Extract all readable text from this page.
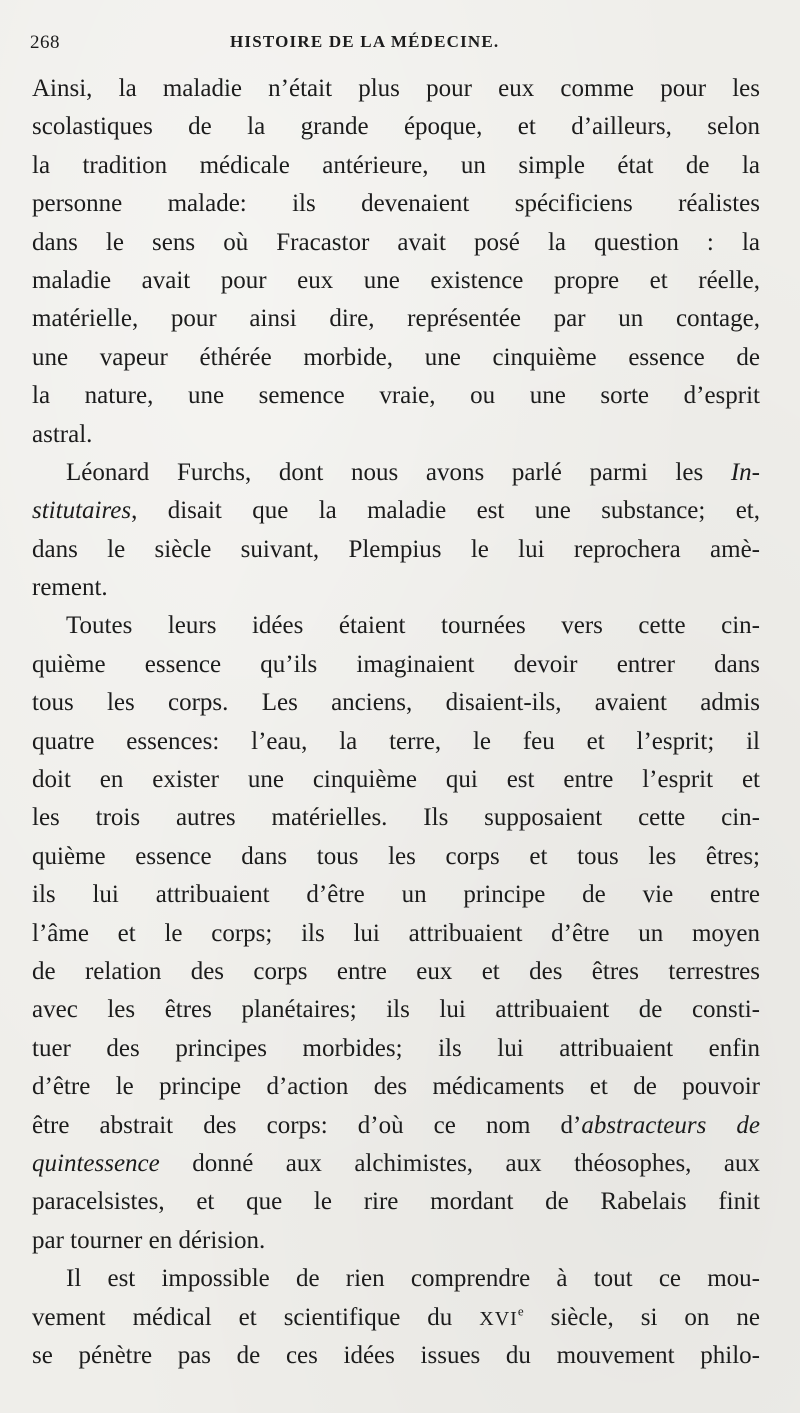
268	HISTOIRE DE LA MÉDECINE.
Ainsi, la maladie n’était plus pour eux comme pour les
scolastiques de la grande époque, et d’ailleurs, selon
la tradition médicale antérieure, un simple état de la
personne malade: ils devenaient spécificiens réalistes
dans le sens où Fracastor avait posé la question : la
maladie avait pour eux une existence propre et réelle,
matérielle, pour ainsi dire, représentée par un contage,
une vapeur éthérée morbide, une cinquième essence de
la nature, une semence vraie, ou une sorte d’esprit
astral.
Léonard Furchs, dont nous avons parlé parmi les In-
stitutaires, disait que la maladie est une substance; et,
dans le siècle suivant, Plempius le lui reprochera amè-
rement.
Toutes leurs idées étaient tournées vers cette cin-
quième essence qu’ils imaginaient devoir entrer dans
tous les corps. Les anciens, disaient-ils, avaient admis
quatre essences: l’eau, la terre, le feu et l’esprit; il
doit en exister une cinquième qui est entre l’esprit et
les trois autres matérielles. Ils supposaient cette cin-
quième essence dans tous les corps et tous les êtres;
ils lui attribuaient d’être un principe de vie entre
l’âme et le corps; ils lui attribuaient d’être un moyen
de relation des corps entre eux et des êtres terrestres
avec les êtres planétaires; ils lui attribuaient de consti-
tuer des principes morbides; ils lui attribuaient enfin
d’être le principe d’action des médicaments et de pouvoir
être abstrait des corps: d’où ce nom d’abstracteurs de
quintessence donné aux alchimistes, aux théosophes, aux
paracelsistes, et que le rire mordant de Rabelais finit
par tourner en dérision.
Il est impossible de rien comprendre à tout ce mou-
vement médical et scientifique du XVIe siècle, si on ne
se pénètre pas de ces idées issues du mouvement philo-
